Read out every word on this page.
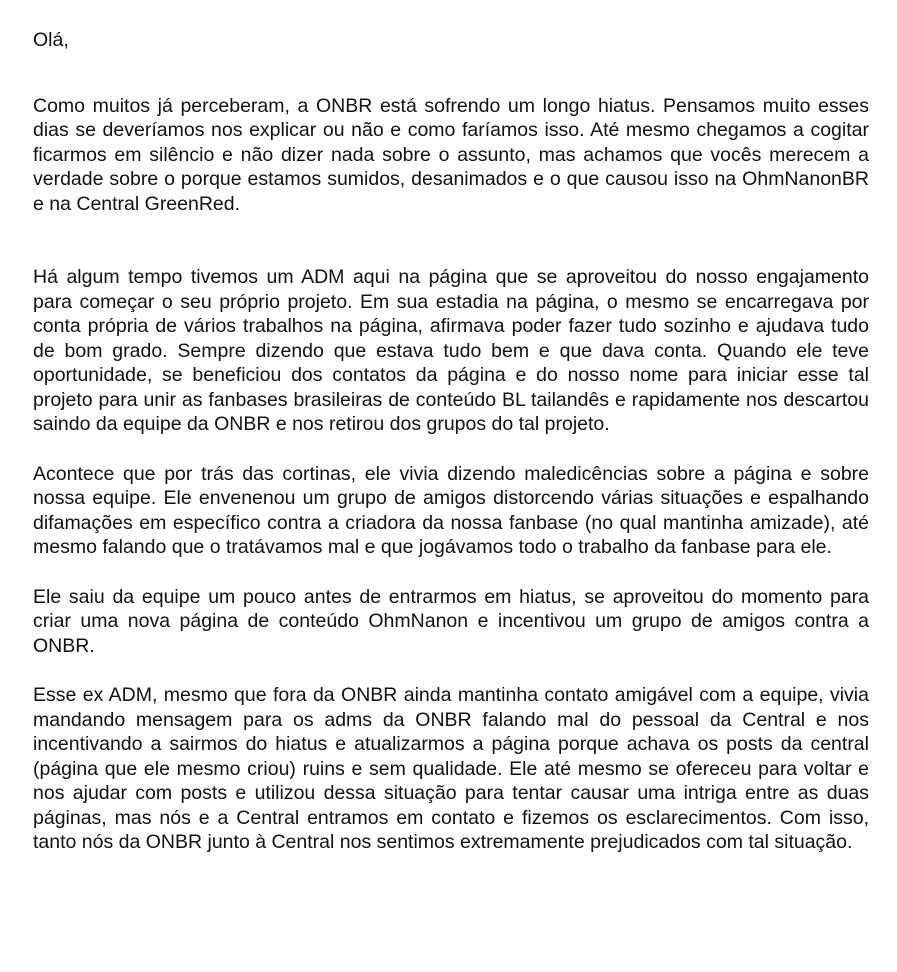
Olá,

Como muitos já perceberam, a ONBR está sofrendo um longo hiatus. Pensamos muito esses dias se deveríamos nos explicar ou não e como faríamos isso. Até mesmo chegamos a cogitar ficarmos em silêncio e não dizer nada sobre o assunto, mas achamos que vocês merecem a verdade sobre o porque estamos sumidos, desanimados e o que causou isso na OhmNanonBR e na Central GreenRed.

Há algum tempo tivemos um ADM aqui na página que se aproveitou do nosso engajamento para começar o seu próprio projeto. Em sua estadia na página, o mesmo se encarregava por conta própria de vários trabalhos na página, afirmava poder fazer tudo sozinho e ajudava tudo de bom grado. Sempre dizendo que estava tudo bem e que dava conta. Quando ele teve oportunidade, se beneficiou dos contatos da página e do nosso nome para iniciar esse tal projeto para unir as fanbases brasileiras de conteúdo BL tailandês e rapidamente nos descartou saindo da equipe da ONBR e nos retirou dos grupos do tal projeto.

Acontece que por trás das cortinas, ele vivia dizendo maledicências sobre a página e sobre nossa equipe. Ele envenenou um grupo de amigos distorcendo várias situações e espalhando difamações em específico contra a criadora da nossa fanbase (no qual mantinha amizade), até mesmo falando que o tratávamos mal e que jogávamos todo o trabalho da fanbase para ele.

Ele saiu da equipe um pouco antes de entrarmos em hiatus, se aproveitou do momento para criar uma nova página de conteúdo OhmNanon e incentivou um grupo de amigos contra a ONBR.

Esse ex ADM, mesmo que fora da ONBR ainda mantinha contato amigável com a equipe, vivia mandando mensagem para os adms da ONBR falando mal do pessoal da Central e nos incentivando a sairmos do hiatus e atualizarmos a página porque achava os posts da central (página que ele mesmo criou) ruins e sem qualidade. Ele até mesmo se ofereceu para voltar e nos ajudar com posts e utilizou dessa situação para tentar causar uma intriga entre as duas páginas, mas nós e a Central entramos em contato e fizemos os esclarecimentos. Com isso, tanto nós da ONBR junto à Central nos sentimos extremamente prejudicados com tal situação.
